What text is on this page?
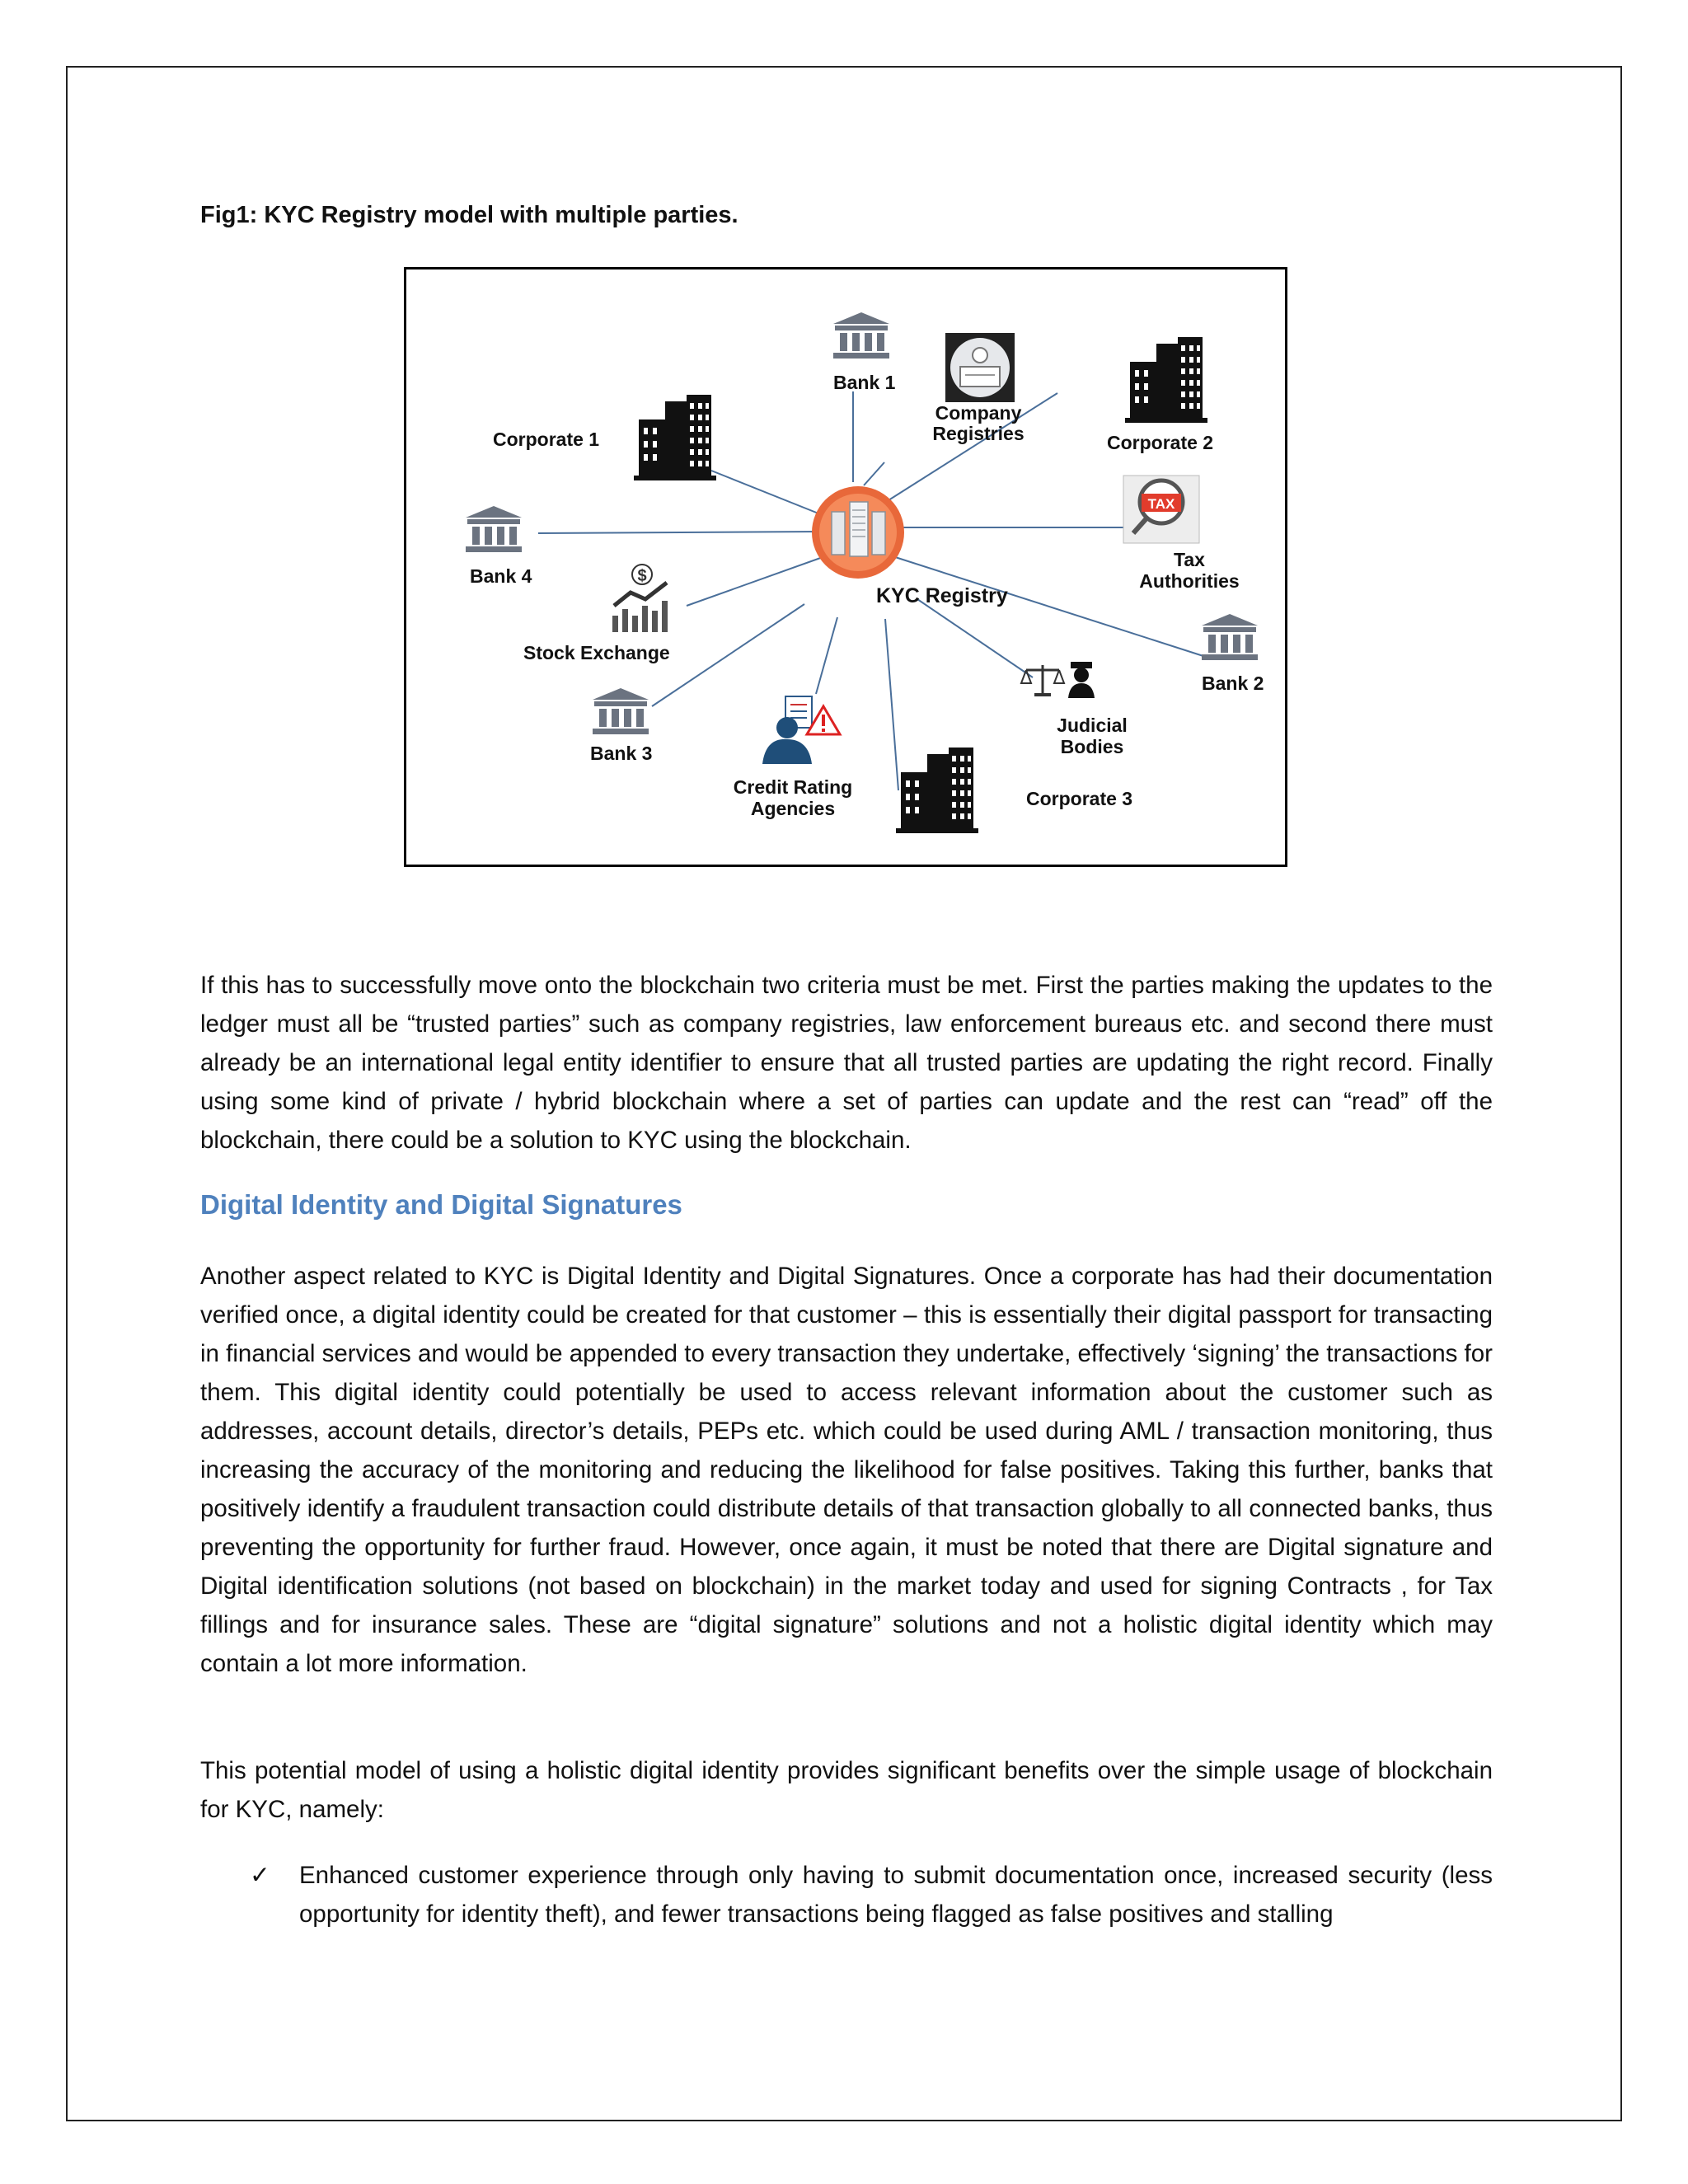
Fig1: KYC Registry model with multiple parties.
KYC Registry
Bank 1
Company
Registries
Corporate 1	Corporate 2
Bank 4
TAX
Tax
Authorities
$
Stock Exchange
Bank 2
Judicial
Bodies
Bank 3
Credit Rating
Agencies	Corporate 3

If this has to successfully move onto the blockchain two criteria must be met. First the parties making the updates to the ledger must all be “trusted parties” such as company registries, law enforcement bureaus etc. and second there must already be an international legal entity identifier to ensure that all trusted parties are updating the right record. Finally using some kind of private / hybrid blockchain where a set of parties can update and the rest can “read” off the blockchain, there could be a solution to KYC using the blockchain.

Digital Identity and Digital Signatures

Another aspect related to KYC is Digital Identity and Digital Signatures. Once a corporate has had their documentation verified once, a digital identity could be created for that customer – this is essentially their digital passport for transacting in financial services and would be appended to every transaction they undertake, effectively ‘signing’ the transactions for them. This digital identity could potentially be used to access relevant information about the customer such as addresses, account details, director’s details, PEPs etc. which could be used during AML / transaction monitoring, thus increasing the accuracy of the monitoring and reducing the likelihood for false positives. Taking this further, banks that positively identify a fraudulent transaction could distribute details of that transaction globally to all connected banks, thus preventing the opportunity for further fraud. However, once again, it must be noted that there are Digital signature and Digital identification solutions (not based on blockchain) in the market today and used for signing Contracts , for Tax fillings and for insurance sales. These are “digital signature” solutions and not a holistic digital identity which may contain a lot more information.

This potential model of using a holistic digital identity provides significant benefits over the simple usage of blockchain for KYC, namely:

✓ Enhanced customer experience through only having to submit documentation once, increased security (less opportunity for identity theft), and fewer transactions being flagged as false positives and stalling
